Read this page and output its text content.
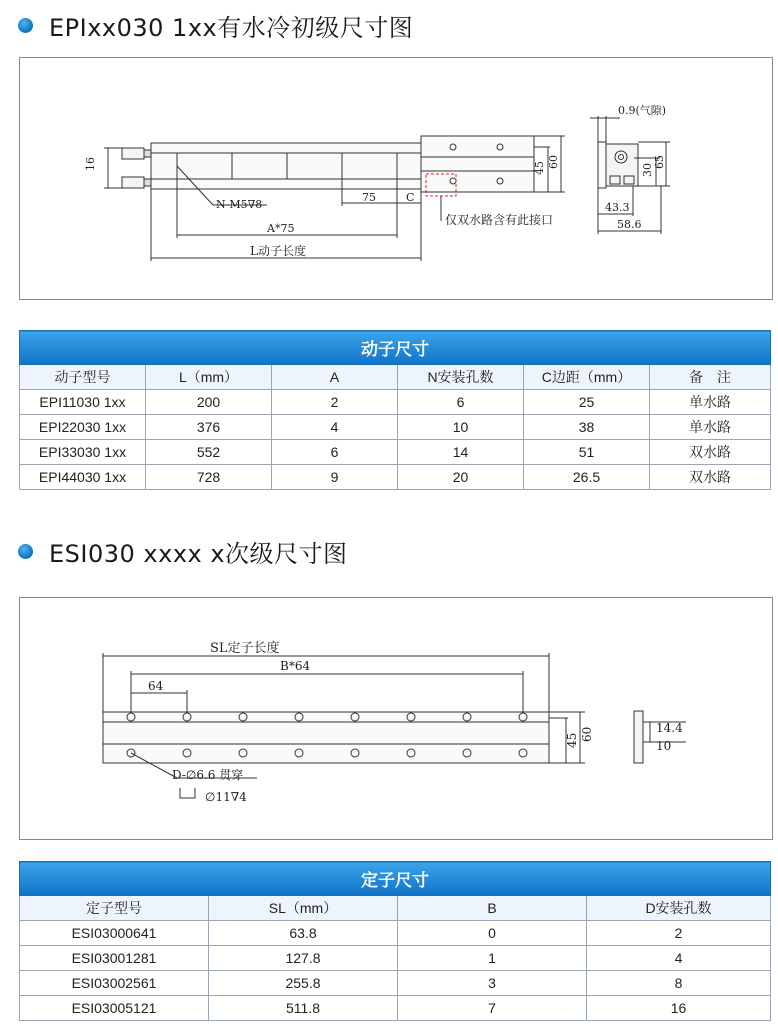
EPIxx030 1xx有水冷初级尺寸图
16
0.9(气隙)
45 60
30
65
75	C
N-M5∇8
A*75
L动子长度
仅双水路含有此接口
43.3
58.6
动子尺寸					
动子型号	L（mm）	A	N安装孔数	C边距（mm）	备　注
EPI11030 1xx	200	2	6	25	单水路
EPI22030 1xx	376	4	10	38	单水路
EPI33030 1xx	552	6	14	51	双水路
EPI44030 1xx	728	9	20	26.5	双水路
ESI030 xxxx x次级尺寸图
SL定子长度
B*64
64
45 60	14.4
10
D-∅6.6 贯穿
∅11∇4
定子尺寸			
定子型号	SL（mm）	B	D安装孔数
ESI03000641	63.8	0	2
ESI03001281	127.8	1	4
ESI03002561	255.8	3	8
ESI03005121	511.8	7	16
